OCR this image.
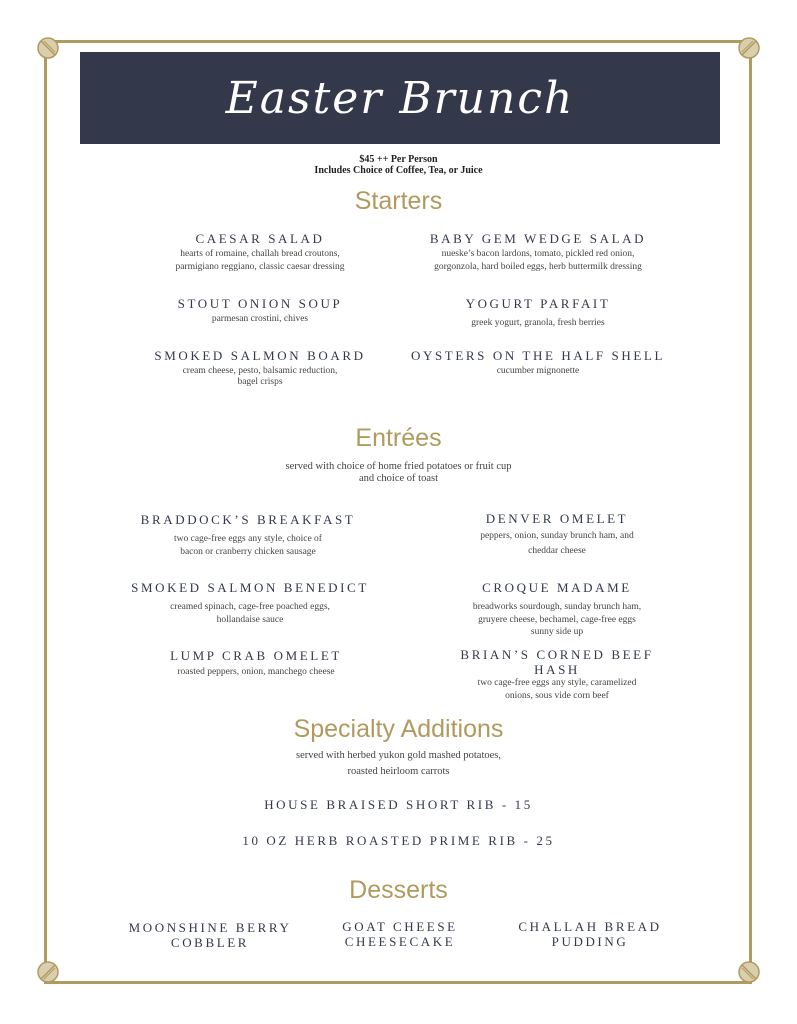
Easter Brunch
$45 ++ Per Person
Includes Choice of Coffee, Tea, or Juice
Starters
CAESAR SALAD
hearts of romaine, challah bread croutons,
parmigiano reggiano, classic caesar dressing
BABY GEM WEDGE SALAD
nueske’s bacon lardons, tomato, pickled red onion,
gorgonzola, hard boiled eggs, herb buttermilk dressing
STOUT ONION SOUP
parmesan crostini, chives
YOGURT PARFAIT
greek yogurt, granola, fresh berries
SMOKED SALMON BOARD
cream cheese, pesto, balsamic reduction,
bagel crisps
OYSTERS ON THE HALF SHELL
cucumber mignonette
Entrées
served with choice of home fried potatoes or fruit cup
and choice of toast
BRADDOCK’S BREAKFAST
two cage-free eggs any style, choice of
bacon or cranberry chicken sausage
DENVER OMELET
peppers, onion, sunday brunch ham, and
cheddar cheese
SMOKED SALMON BENEDICT
creamed spinach, cage-free poached eggs,
hollandaise sauce
CROQUE MADAME
breadworks sourdough, sunday brunch ham,
gruyere cheese, bechamel, cage-free eggs
sunny side up
LUMP CRAB OMELET
roasted peppers, onion, manchego cheese
BRIAN’S CORNED BEEF
HASH
two cage-free eggs any style, caramelized
onions, sous vide corn beef
Specialty Additions
served with herbed yukon gold mashed potatoes,
roasted heirloom carrots
HOUSE BRAISED SHORT RIB - 15
10 OZ HERB ROASTED PRIME RIB - 25
Desserts
MOONSHINE BERRY
COBBLER
GOAT CHEESE
CHEESECAKE
CHALLAH BREAD
PUDDING
